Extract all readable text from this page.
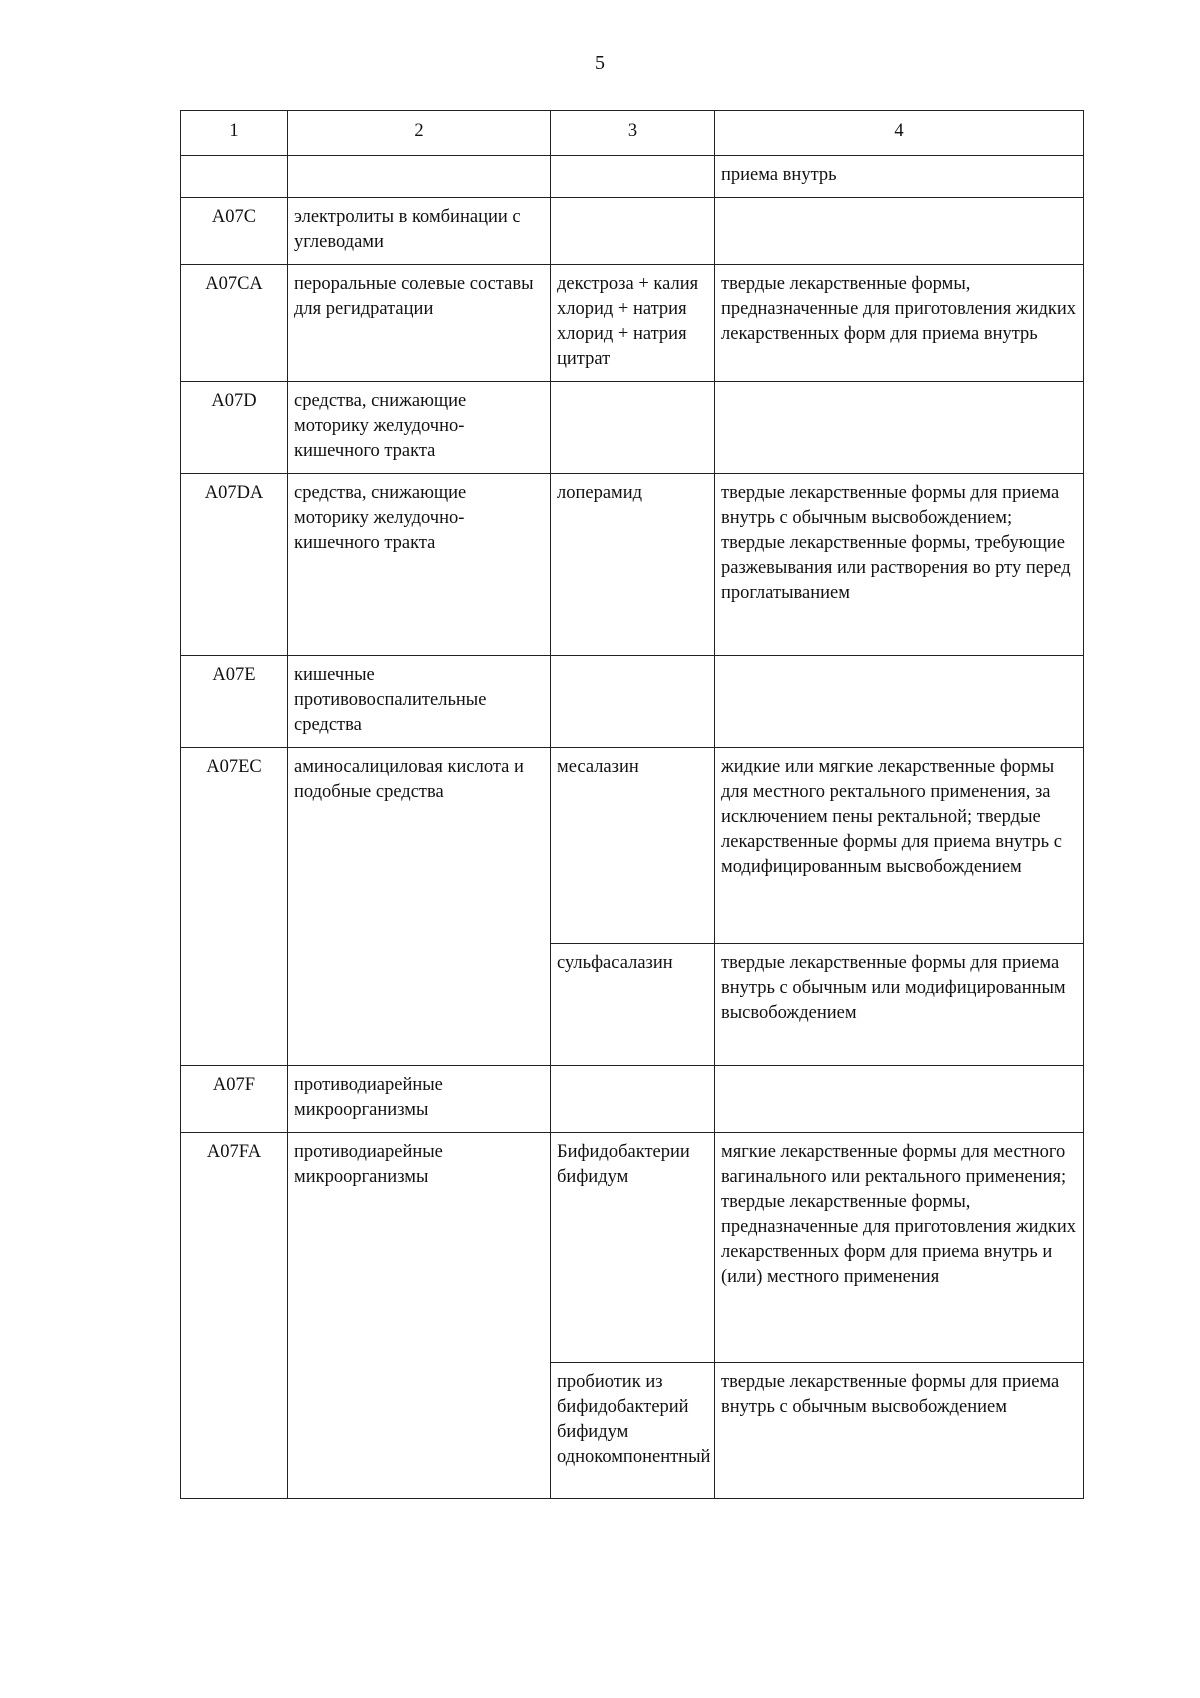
5
1	2	3	4
			приема внутрь
A07C	электролиты в комбинации с углеводами		
A07CA	пероральные солевые составы для регидратации	декстроза + калия хлорид + натрия хлорид + натрия цитрат	твердые лекарственные формы, предназначенные для приготовления жидких лекарственных форм для приема внутрь
A07D	средства, снижающие моторику желудочно-кишечного тракта		
A07DA	средства, снижающие моторику желудочно-кишечного тракта	лоперамид	твердые лекарственные формы для приема внутрь с обычным высвобождением; твердые лекарственные формы, требующие разжевывания или растворения во рту перед проглатыванием
A07E	кишечные противовоспалительные средства		
A07EC	аминосалициловая кислота и подобные средства	месалазин	жидкие или мягкие лекарственные формы для местного ректального применения, за исключением пены ректальной; твердые лекарственные формы для приема внутрь с модифицированным высвобождением
		сульфасалазин	твердые лекарственные формы для приема внутрь с обычным или модифицированным высвобождением
A07F	противодиарейные микроорганизмы		
A07FA	противодиарейные микроорганизмы	Бифидобактерии бифидум	мягкие лекарственные формы для местного вагинального или ректального применения; твердые лекарственные формы, предназначенные для приготовления жидких лекарственных форм для приема внутрь и (или) местного применения
		пробиотик из бифидобактерий бифидум однокомпонентный	твердые лекарственные формы для приема внутрь с обычным высвобождением
